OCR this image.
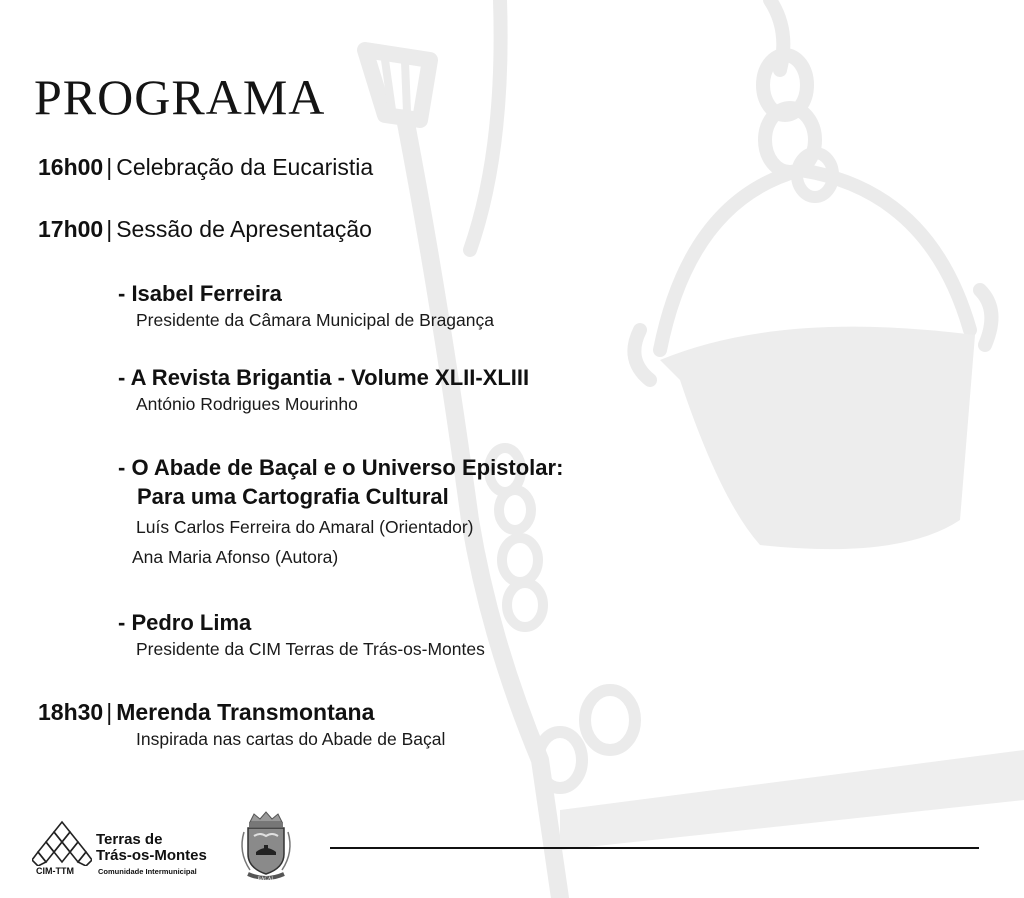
PROGRAMA
16h00 | Celebração da Eucaristia
17h00 | Sessão de Apresentação
- Isabel Ferreira
Presidente da Câmara Municipal de Bragança
- A Revista Brigantia - Volume XLII-XLIII
António Rodrigues Mourinho
- O Abade de Baçal e o Universo Epistolar:
Para uma Cartografia Cultural
Luís Carlos Ferreira do Amaral (Orientador)
Ana Maria Afonso (Autora)
- Pedro Lima
Presidente da CIM Terras de Trás-os-Montes
18h30 | Merenda Transmontana
Inspirada nas cartas do Abade de Baçal
CIM-TTM
Terras de
Trás-os-Montes
Comunidade Intermunicipal
BAÇAL
